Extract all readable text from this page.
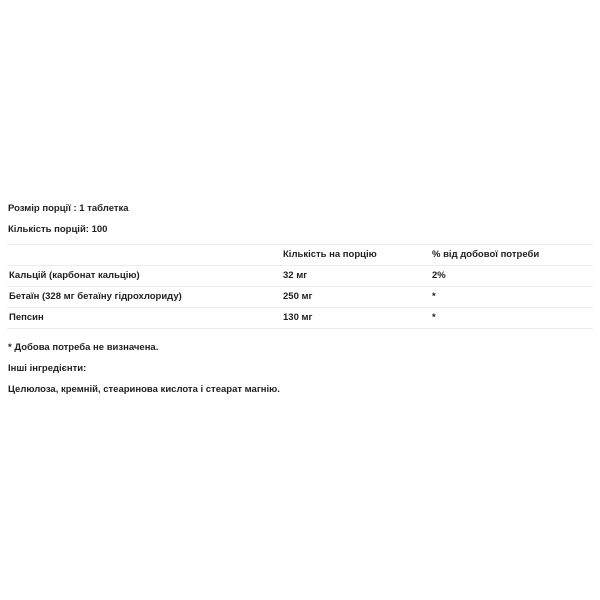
Розмір порції : 1 таблетка
Кількість порцій: 100
	Кількість на порцію	% від добової потреби
Кальцій (карбонат кальцію)	32 мг	2%
Бетаїн (328 мг бетаїну гідрохлориду)	250 мг	*
Пепсин	130 мг	*
* Добова потреба не визначена.
Інші інгредієнти:
Целюлоза, кремній, стеаринова кислота і стеарат магнію.
